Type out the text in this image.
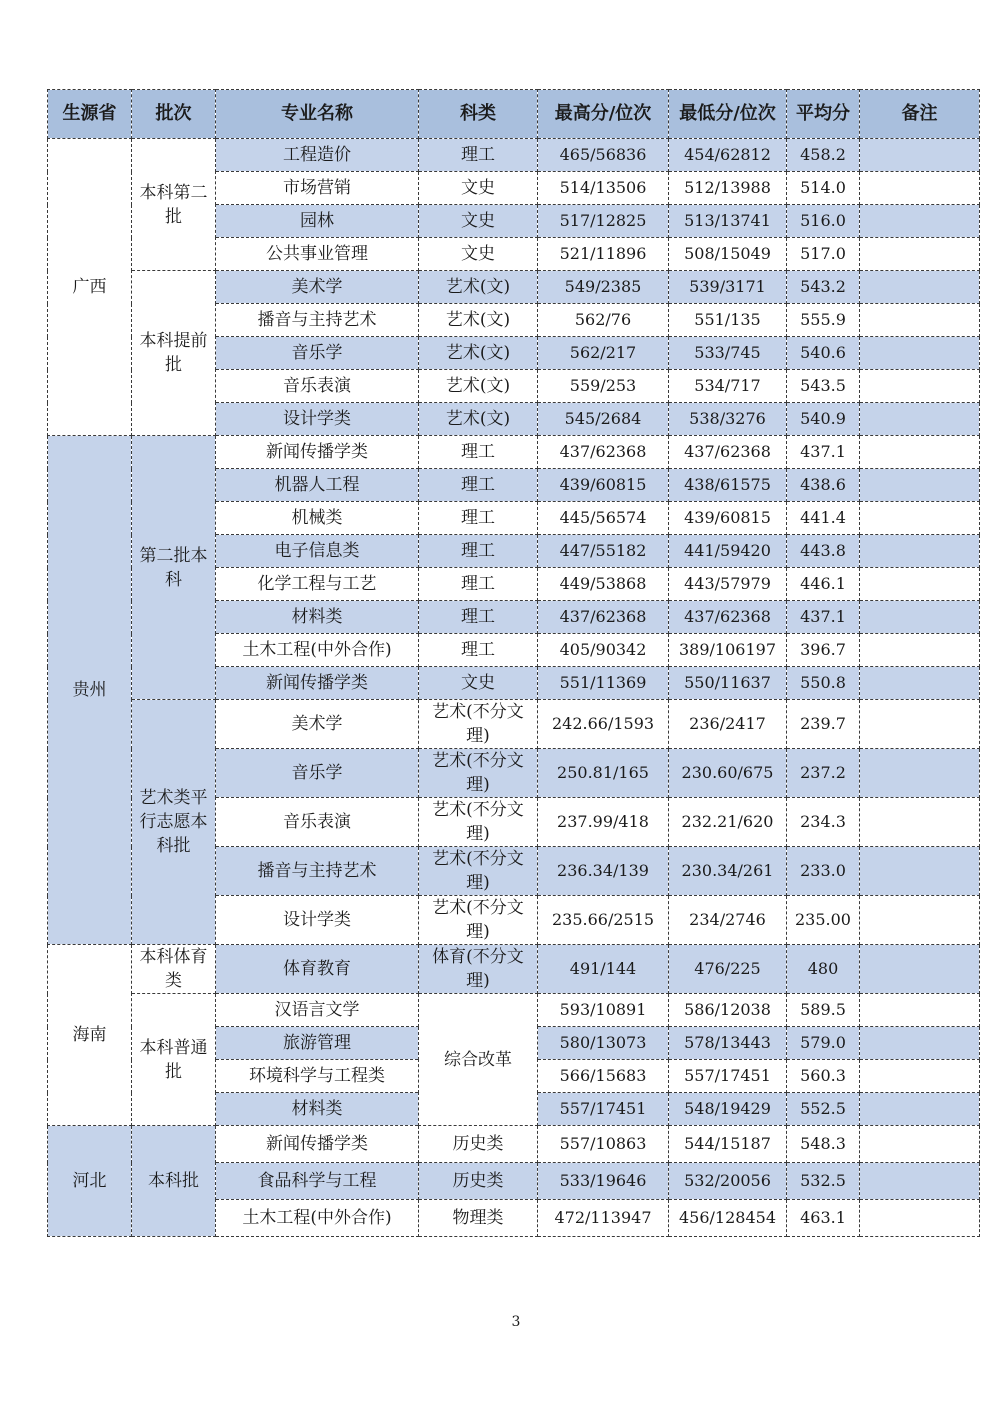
生源省	批次	专业名称	科类	最高分/位次	最低分/位次	平均分	备注
广西	本科第二批	工程造价	理工	465/56836	454/62812	458.2	
		市场营销	文史	514/13506	512/13988	514.0	
		园林	文史	517/12825	513/13741	516.0	
		公共事业管理	文史	521/11896	508/15049	517.0	
	本科提前批	美术学	艺术(文)	549/2385	539/3171	543.2	
		播音与主持艺术	艺术(文)	562/76	551/135	555.9	
		音乐学	艺术(文)	562/217	533/745	540.6	
		音乐表演	艺术(文)	559/253	534/717	543.5	
		设计学类	艺术(文)	545/2684	538/3276	540.9	
贵州	第二批本科	新闻传播学类	理工	437/62368	437/62368	437.1	
		机器人工程	理工	439/60815	438/61575	438.6	
		机械类	理工	445/56574	439/60815	441.4	
		电子信息类	理工	447/55182	441/59420	443.8	
		化学工程与工艺	理工	449/53868	443/57979	446.1	
		材料类	理工	437/62368	437/62368	437.1	
		土木工程(中外合作)	理工	405/90342	389/106197	396.7	
		新闻传播学类	文史	551/11369	550/11637	550.8	
	艺术类平行志愿本科批	美术学	艺术(不分文理)	242.66/1593	236/2417	239.7	
		音乐学	艺术(不分文理)	250.81/165	230.60/675	237.2	
		音乐表演	艺术(不分文理)	237.99/418	232.21/620	234.3	
		播音与主持艺术	艺术(不分文理)	236.34/139	230.34/261	233.0	
		设计学类	艺术(不分文理)	235.66/2515	234/2746	235.00	
海南	本科体育类	体育教育	体育(不分文理)	491/144	476/225	480	
	本科普通批	汉语言文学	综合改革	593/10891	586/12038	589.5	
		旅游管理		580/13073	578/13443	579.0	
		环境科学与工程类		566/15683	557/17451	560.3	
		材料类		557/17451	548/19429	552.5	
河北	本科批	新闻传播学类	历史类	557/10863	544/15187	548.3	
		食品科学与工程	历史类	533/19646	532/20056	532.5	
		土木工程(中外合作)	物理类	472/113947	456/128454	463.1	
3
